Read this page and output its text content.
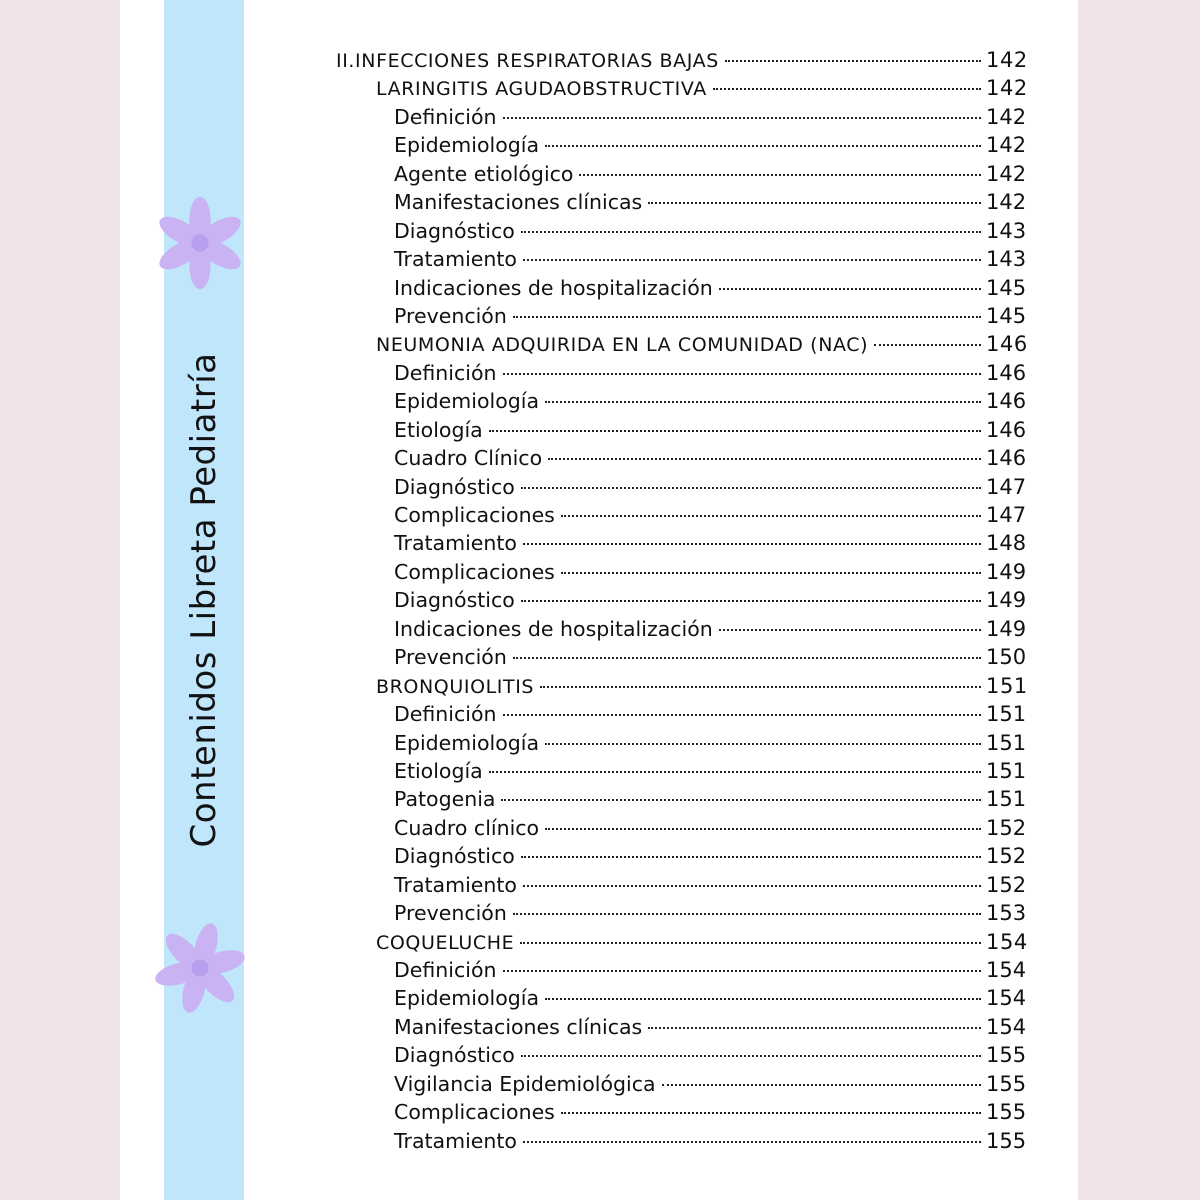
Contenidos Libreta Pediatría
II.INFECCIONES RESPIRATORIAS BAJAS	142
LARINGITIS AGUDAOBSTRUCTIVA	142
Definición	142
Epidemiología	142
Agente etiológico	142
Manifestaciones clínicas	142
Diagnóstico	143
Tratamiento	143
Indicaciones de hospitalización	145
Prevención	145
NEUMONIA ADQUIRIDA EN LA COMUNIDAD (NAC)	146
Definición	146
Epidemiología	146
Etiología	146
Cuadro Clínico	146
Diagnóstico	147
Complicaciones	147
Tratamiento	148
Complicaciones	149
Diagnóstico	149
Indicaciones de hospitalización	149
Prevención	150
BRONQUIOLITIS	151
Definición	151
Epidemiología	151
Etiología	151
Patogenia	151
Cuadro clínico	152
Diagnóstico	152
Tratamiento	152
Prevención	153
COQUELUCHE	154
Definición	154
Epidemiología	154
Manifestaciones clínicas	154
Diagnóstico	155
Vigilancia Epidemiológica	155
Complicaciones	155
Tratamiento	155
